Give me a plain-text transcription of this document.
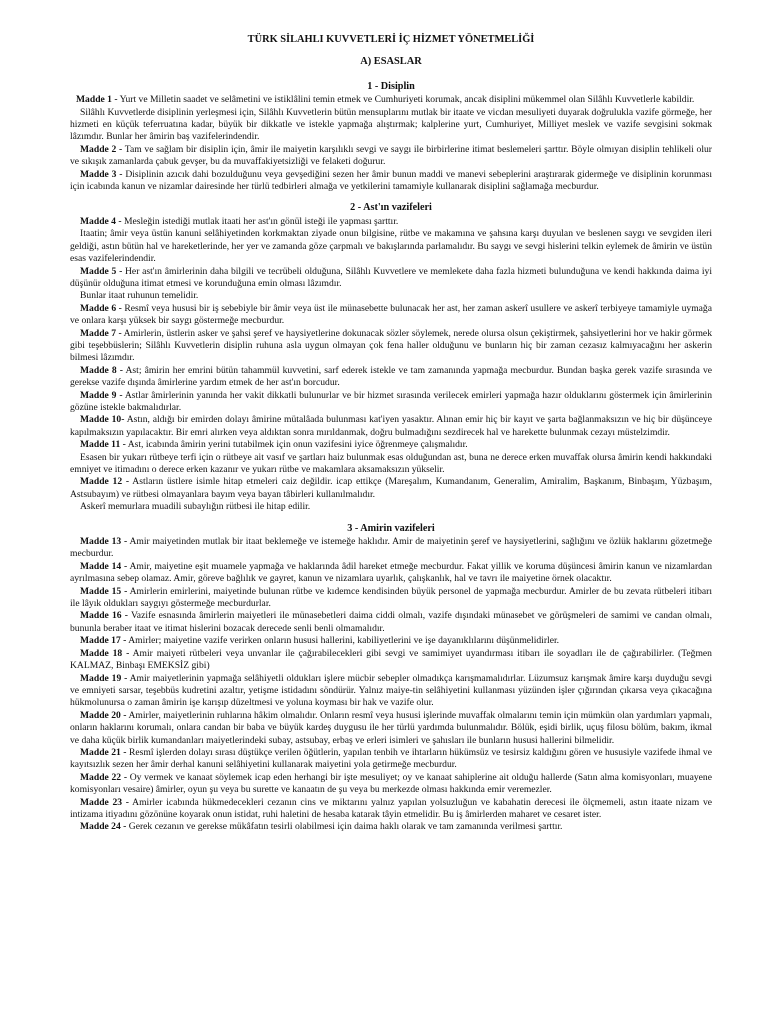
TÜRK SİLAHLI KUVVETLERİ İÇ HİZMET YÖNETMELİĞİ
A) ESASLAR
1 - Disiplin

Madde 1 - Yurt ve Milletin saadet ve selâmetini ve istiklâlini temin etmek ve Cumhuriyeti korumak, ancak disiplini mükemmel olan Silâhlı Kuvvetlerle kabildir.

Silâhlı Kuvvetlerde disiplinin yerleşmesi için, Silâhlı Kuvvetlerin bütün mensuplarını mutlak bir itaate ve vicdan mesuliyeti duyarak doğrulukla vazife görmeğe, her hizmeti en küçük teferruatına kadar, büyük bir dikkatle ve istekle yapmağa alıştırmak; kalplerine yurt, Cumhuriyet, Milliyet meslek ve vazife sevgisini sokmak lâzımdır. Bunlar her âmirin baş vazifelerindendir.

Madde 2 - Tam ve sağlam bir disiplin için, âmir ile maiyetin karşılıklı sevgi ve saygı ile birbirlerine itimat beslemeleri şarttır. Böyle olmıyan disiplin tehlikeli olur ve sıkışık zamanlarda çabuk gevşer, bu da muvaffakiyetsizliği ve felaketi doğurur.

Madde 3 - Disiplinin azıcık dahi bozulduğunu veya gevşediğini sezen her âmir bunun maddi ve manevi sebeplerini araştırarak gidermeğe ve disiplinin korunması için icabında kanun ve nizamlar dairesinde her türlü tedbirleri almağa ve yetkilerini tamamiyle kullanarak disiplini sağlamağa mecburdur.

2 - Ast'ın vazifeleri

Madde 4 - Mesleğin istediği mutlak itaati her ast'ın gönül isteği ile yapması şarttır.

Itaatin; âmir veya üstün kanuni selâhiyetinden korkmaktan ziyade onun bilgisine, rütbe ve makamına ve şahsına karşı duyulan ve beslenen saygı ve sevgiden ileri geldiği, astın bütün hal ve hareketlerinde, her yer ve zamanda göze çarpmalı ve bakışlarında parlamalıdır. Bu saygı ve sevgi hislerini telkin eylemek de âmirin ve üstün esas vazifelerindendir.

Madde 5 - Her ast'ın âmirlerinin daha bilgili ve tecrübeli olduğuna, Silâhlı Kuvvetlere ve memlekete daha fazla hizmeti bulunduğuna ve kendi hakkında daima iyi düşünür olduğuna itimat etmesi ve korunduğuna emin olması lâzımdır.

Bunlar itaat ruhunun temelidir.

Madde 6 - Resmî veya hususi bir iş sebebiyle bir âmir veya üst ile münasebette bulunacak her ast, her zaman askerî usullere ve askerî terbiyeye tamamiyle uymağa ve onlara karşı yüksek bir saygı göstermeğe mecburdur.

Madde 7 - Amirlerin, üstlerin asker ve şahsi şeref ve haysiyetlerine dokunacak sözler söylemek, nerede olursa olsun çekiştirmek, şahsiyetlerini hor ve hakir görmek gibi teşebbüslerin; Silâhlı Kuvvetlerin disiplin ruhuna asla uygun olmayan çok fena haller olduğunu ve bunların hiç bir zaman cezasız kalmıyacağını her askerin bilmesi lâzımdır.

Madde 8 - Ast; âmirin her emrini bütün tahammül kuvvetini, sarf ederek istekle ve tam zamanında yapmağa mecburdur. Bundan başka gerek vazife sırasında ve gerekse vazife dışında âmirlerine yardım etmek de her ast'ın borcudur.

Madde 9 - Astlar âmirlerinin yanında her vakit dikkatli bulunurlar ve bir hizmet sırasında verilecek emirleri yapmağa hazır olduklarını göstermek için âmirlerinin gözüne istekle bakmalıdırlar.

Madde 10- Astın, aldığı bir emirden dolayı âmirine mütalâada bulunması kat'iyen yasaktır. Alınan emir hiç bir kayıt ve şarta bağlanmaksızın ve hiç bir düşünceye kapılmaksızın yapılacaktır. Bir emri alırken veya aldıktan sonra mırıldanmak, doğru bulmadığını sezdirecek hal ve harekette bulunmak cezayı müstelzimdir.

Madde 11 - Ast, icabında âmirin yerini tutabilmek için onun vazifesini iyice öğrenmeye çalışmalıdır.

Esasen bir yukarı rütbeye terfi için o rütbeye ait vasıf ve şartları haiz bulunmak esas olduğundan ast, buna ne derece erken muvaffak olursa âmirin kendi hakkındaki emniyet ve itimadını o derece erken kazanır ve yukarı rütbe ve makamlara aksamaksızın yükselir.

Madde 12 - Astların üstlere isimle hitap etmeleri caiz değildir. icap ettikçe (Mareşalım, Kumandanım, Generalim, Amiralim, Başkanım, Binbaşım, Yüzbaşım, Astsubayım) ve rütbesi olmayanlara bayım veya bayan tâbirleri kullanılmalıdır.

Askerî memurlara muadili subaylığın rütbesi ile hitap edilir.

3 - Amirin vazifeleri

Madde 13 - Amir maiyetinden mutlak bir itaat beklemeğe ve istemeğe haklıdır. Amir de maiyetinin şeref ve haysiyetlerini, sağlığını ve özlük haklarını gözetmeğe mecburdur.

Madde 14 - Amir, maiyetine eşit muamele yapmağa ve haklarında âdil hareket etmeğe mecburdur. Fakat yillik ve koruma düşüncesi âmirin kanun ve nizamlardan ayrılmasına sebep olamaz. Amir, göreve bağlılık ve gayret, kanun ve nizamlara uyarlık, çalışkanlık, hal ve tavrı ile maiyetine örnek olacaktır.

Madde 15 - Amirlerin emirlerini, maiyetinde bulunan rütbe ve kıdemce kendisinden büyük personel de yapmağa mecburdur. Amirler de bu zevata rütbeleri itibarı ile lâyık oldukları saygıyı göstermeğe mecburdurlar.

Madde 16 - Vazife esnasında âmirlerin maiyetleri ile münasebetleri daima ciddi olmalı, vazife dışındaki münasebet ve görüşmeleri de samimi ve candan olmalı, bununla beraber itaat ve itimat hislerini bozacak derecede senli benli olmamalıdır.

Madde 17 - Amirler; maiyetine vazife verirken onların hususi hallerini, kabiliyetlerini ve işe dayanıklılarını düşünmelidirler.

Madde 18 - Amir maiyeti rütbeleri veya unvanlar ile çağırabilecekleri gibi sevgi ve samimiyet uyandırması itibarı ile soyadları ile de çağırabilirler. (Teğmen KALMAZ, Binbaşı EMEKSİZ gibi)

Madde 19 - Amir maiyetlerinin yapmağa selâhiyetli oldukları işlere mücbir sebepler olmadıkça karışmamalıdırlar. Lüzumsuz karışmak âmire karşı duyduğu sevgi ve emniyeti sarsar, teşebbüs kudretini azaltır, yetişme istidadını söndürür. Yalnız maiye-tin selâhiyetini kullanması yüzünden işler çığırından çıkarsa veya çıkacağına hükmolunursa o zaman âmirin işe karışıp düzeltmesi ve yoluna koyması bir hak ve vazife olur.

Madde 20 - Amirler, maiyetlerinin ruhlarına hâkim olmalıdır. Onların resmî veya hususi işlerinde muvaffak olmalarını temin için mümkün olan yardımları yapmalı, onların haklarını korumalı, onlara candan bir baba ve büyük kardeş duygusu ile her türlü yardımda bulunmalıdır. Bölük, eşidi birlik, uçuş filosu bölüm, bakım, ikmal ve daha küçük birlik kumandanları maiyetlerindeki subay, astsubay, erbaş ve erleri isimleri ve şahısları ile bunların hususi hallerini bilmelidir.

Madde 21 - Resmî işlerden dolayı sırası düştükçe verilen öğütlerin, yapılan tenbih ve ihtarların hükümsüz ve tesirsiz kaldığını gören ve hususiyle vazifede ihmal ve kayıtsızlık sezen her âmir derhal kanuni selâhiyetini kullanarak maiyetini yola getirmeğe mecburdur.

Madde 22 - Oy vermek ve kanaat söylemek icap eden herhangi bir işte mesuliyet; oy ve kanaat sahiplerine ait olduğu hallerde (Satın alma komisyonları, muayene komisyonları vesaire) âmirler, oyun şu veya bu surette ve kanaatın de şu veya bu merkezde olması hakkında emir veremezler.

Madde 23 - Amirler icabında hükmedecekleri cezanın cins ve miktarını yalnız yapılan yolsuzluğun ve kabahatin derecesi ile ölçmemeli, astın itaate nizam ve intizama itiyadını gözönüne koyarak onun istidat, ruhi haletini de hesaba katarak tâyin etmelidir. Bu iş âmirlerden maharet ve cesaret ister.

Madde 24 - Gerek cezanın ve gerekse mükâfatın tesirli olabilmesi için daima haklı olarak ve tam zamanında verilmesi şarttır.
